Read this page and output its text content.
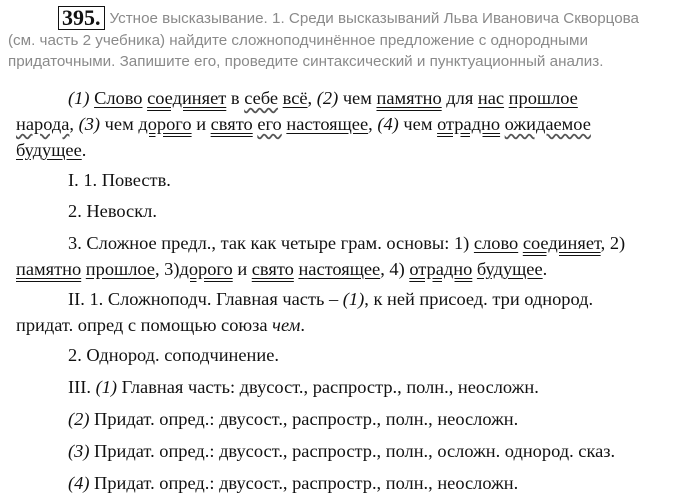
395. Устное высказывание. 1. Среди высказываний Льва Ивановича Скворцова
(см. часть 2 учебника) найдите сложноподчинённое предложение с однородными
придаточными. Запишите его, проведите синтаксический и пунктуационный анализ.
(1) Слово соединяет в себе всё, (2) чем памятно для нас прошлое
народа, (3) чем дорого и свято его настоящее, (4) чем отрадно ожидаемое
будущее.
I. 1. Повеств.
2. Невоскл.
3. Сложное предл., так как четыре грам. основы: 1) слово соединяет, 2)
памятно прошлое, 3)дорого и свято настоящее, 4) отрадно будущее.
II. 1. Сложноподч. Главная часть – (1), к ней присоед. три однород.
придат. опред с помощью союза чем.
2. Однород. соподчинение.
III. (1) Главная часть: двусост., распростр., полн., неосложн.
(2) Придат. опред.: двусост., распростр., полн., неосложн.
(3) Придат. опред.: двусост., распростр., полн., осложн. однород. сказ.
(4) Придат. опред.: двусост., распростр., полн., неосложн.
